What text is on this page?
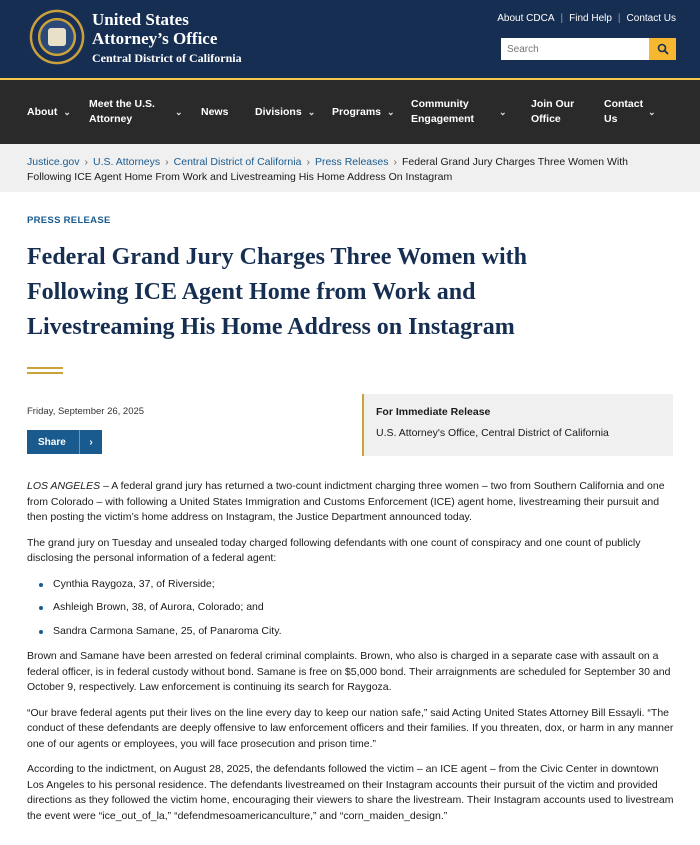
United States
Attorney’s Office
Central District of California
About CDCA | Find Help | Contact Us
Search
About ⌄
Meet the U.S. Attorney
⌄ News	Divisions ⌄ Programs ⌄
Community Engagement
⌄
Join Our Office
Contact Us
⌄
Justice.gov › U.S. Attorneys › Central District of California › Press Releases › Federal Grand Jury Charges Three Women With Following ICE Agent Home From Work and Livestreaming His Home Address On Instagram
PRESS RELEASE
Federal Grand Jury Charges Three Women with Following ICE Agent Home from Work and Livestreaming His Home Address on Instagram
Friday, September 26, 2025
Share	›
For Immediate Release
U.S. Attorney's Office, Central District of California

LOS ANGELES – A federal grand jury has returned a two-count indictment charging three women – two from Southern California and one from Colorado – with following a United States Immigration and Customs Enforcement (ICE) agent home, livestreaming their pursuit and then posting the victim’s home address on Instagram, the Justice Department announced today.

The grand jury on Tuesday and unsealed today charged following defendants with one count of conspiracy and one count of publicly disclosing the personal information of a federal agent:

Cynthia Raygoza, 37, of Riverside;
Ashleigh Brown, 38, of Aurora, Colorado; and
Sandra Carmona Samane, 25, of Panaroma City.

Brown and Samane have been arrested on federal criminal complaints. Brown, who also is charged in a separate case with assault on a federal officer, is in federal custody without bond. Samane is free on $5,000 bond. Their arraignments are scheduled for September 30 and October 9, respectively. Law enforcement is continuing its search for Raygoza.

“Our brave federal agents put their lives on the line every day to keep our nation safe,” said Acting United States Attorney Bill Essayli. “The conduct of these defendants are deeply offensive to law enforcement officers and their families. If you threaten, dox, or harm in any manner one of our agents or employees, you will face prosecution and prison time.”

According to the indictment, on August 28, 2025, the defendants followed the victim – an ICE agent – from the Civic Center in downtown Los Angeles to his personal residence. The defendants livestreamed on their Instagram accounts their pursuit of the victim and provided directions as they followed the victim home, encouraging their viewers to share the livestream. Their Instagram accounts used to livestream the event were “ice_out_of_la,” “defendmesoamericanculture,” and “corn_maiden_design.”
